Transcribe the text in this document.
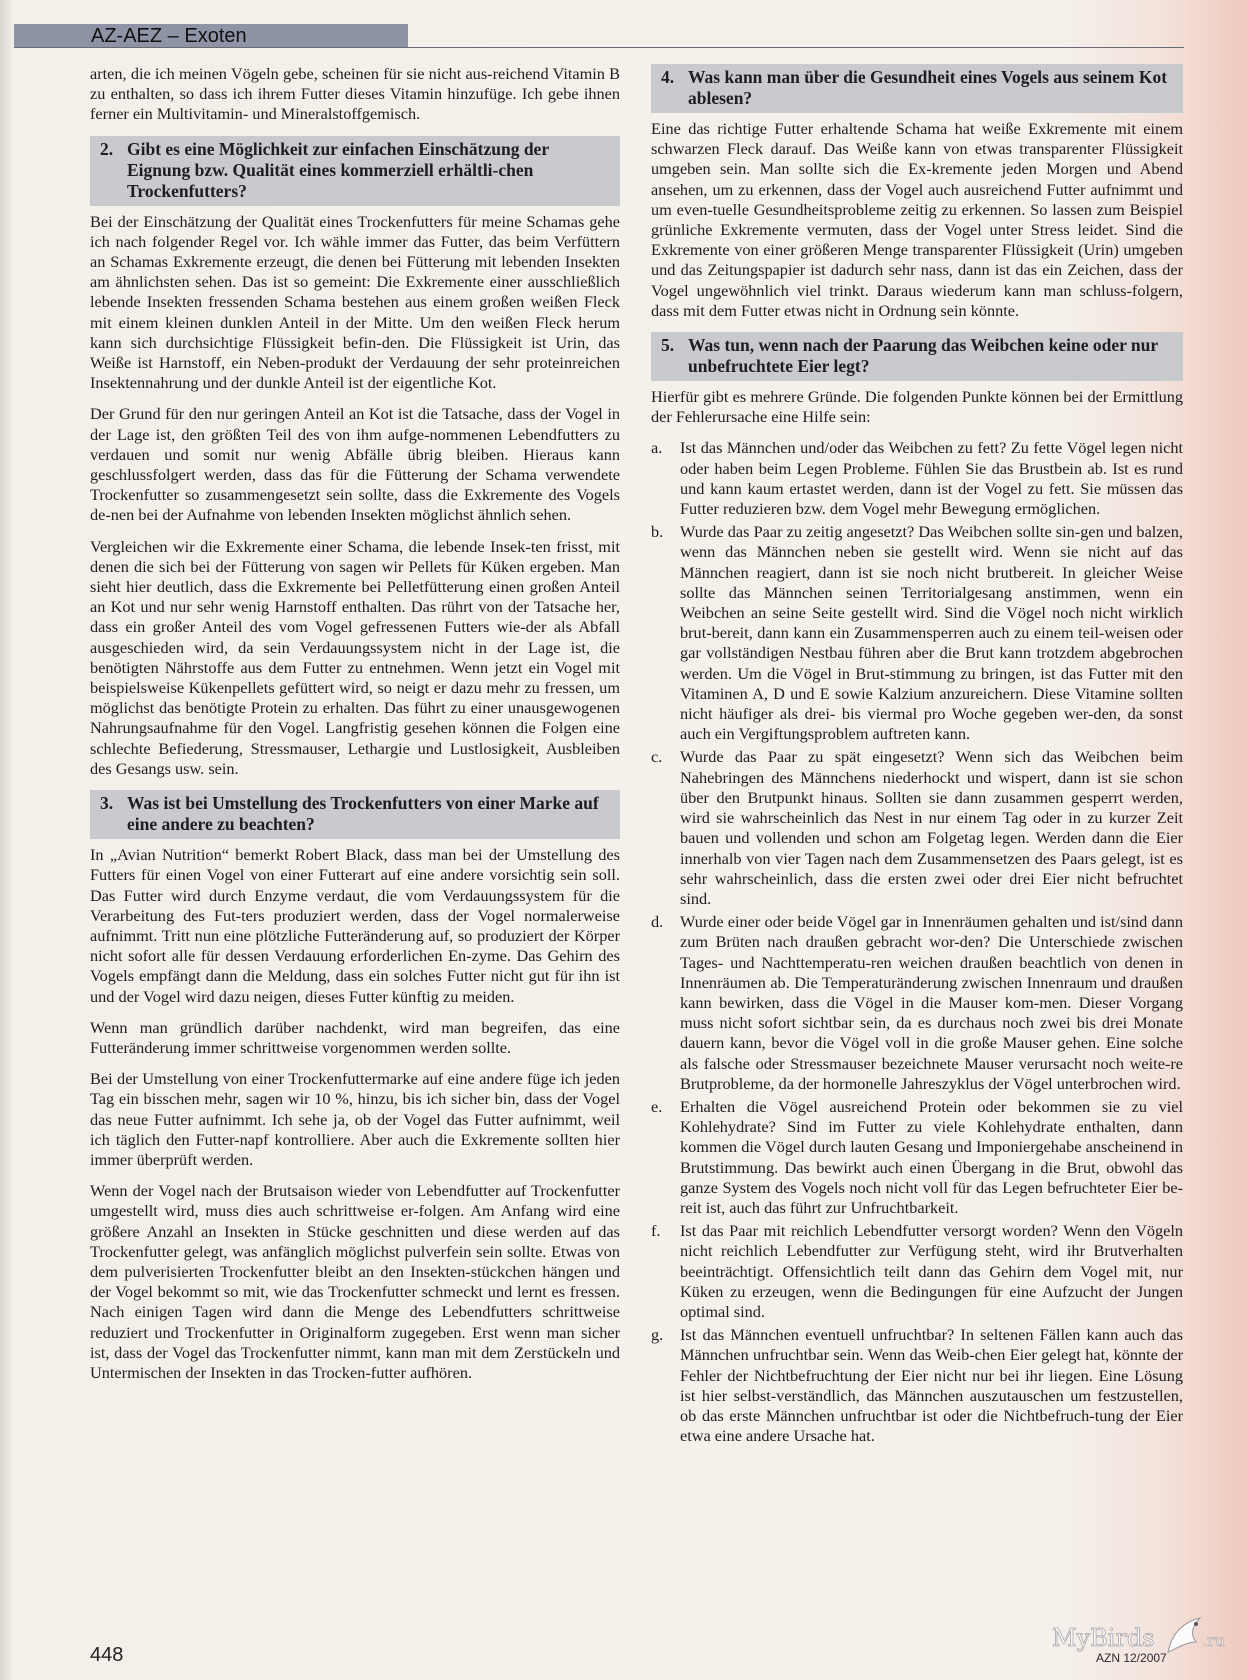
AZ-AEZ – Exoten

arten, die ich meinen Vögeln gebe, scheinen für sie nicht aus-reichend Vitamin B zu enthalten, so dass ich ihrem Futter dieses Vitamin hinzufüge. Ich gebe ihnen ferner ein Multivitamin- und Mineralstoffgemisch.

2. Gibt es eine Möglichkeit zur einfachen Einschätzung der Eignung bzw. Qualität eines kommerziell erhältli-chen Trockenfutters?

Bei der Einschätzung der Qualität eines Trockenfutters für meine Schamas gehe ich nach folgender Regel vor. Ich wähle immer das Futter, das beim Verfüttern an Schamas Exkremente erzeugt, die denen bei Fütterung mit lebenden Insekten am ähnlichsten sehen. Das ist so gemeint: Die Exkremente einer ausschließlich lebende Insekten fressenden Schama bestehen aus einem großen weißen Fleck mit einem kleinen dunklen Anteil in der Mitte. Um den weißen Fleck herum kann sich durchsichtige Flüssigkeit befin-den. Die Flüssigkeit ist Urin, das Weiße ist Harnstoff, ein Neben-produkt der Verdauung der sehr proteinreichen Insektennahrung und der dunkle Anteil ist der eigentliche Kot.

Der Grund für den nur geringen Anteil an Kot ist die Tatsache, dass der Vogel in der Lage ist, den größten Teil des von ihm aufge-nommenen Lebendfutters zu verdauen und somit nur wenig Abfälle übrig bleiben. Hieraus kann geschlussfolgert werden, dass das für die Fütterung der Schama verwendete Trockenfutter so zusammengesetzt sein sollte, dass die Exkremente des Vogels de-nen bei der Aufnahme von lebenden Insekten möglichst ähnlich sehen.

Vergleichen wir die Exkremente einer Schama, die lebende Insek-ten frisst, mit denen die sich bei der Fütterung von sagen wir Pellets für Küken ergeben. Man sieht hier deutlich, dass die Exkremente bei Pelletfütterung einen großen Anteil an Kot und nur sehr wenig Harnstoff enthalten. Das rührt von der Tatsache her, dass ein großer Anteil des vom Vogel gefressenen Futters wie-der als Abfall ausgeschieden wird, da sein Verdauungssystem nicht in der Lage ist, die benötigten Nährstoffe aus dem Futter zu entnehmen. Wenn jetzt ein Vogel mit beispielsweise Kükenpellets gefüttert wird, so neigt er dazu mehr zu fressen, um möglichst das benötigte Protein zu erhalten. Das führt zu einer unausgewogenen Nahrungsaufnahme für den Vogel. Langfristig gesehen können die Folgen eine schlechte Befiederung, Stressmauser, Lethargie und Lustlosigkeit, Ausbleiben des Gesangs usw. sein.

3. Was ist bei Umstellung des Trockenfutters von einer Marke auf eine andere zu beachten?

In „Avian Nutrition“ bemerkt Robert Black, dass man bei der Umstellung des Futters für einen Vogel von einer Futterart auf eine andere vorsichtig sein soll. Das Futter wird durch Enzyme verdaut, die vom Verdauungssystem für die Verarbeitung des Fut-ters produziert werden, dass der Vogel normalerweise aufnimmt. Tritt nun eine plötzliche Futteränderung auf, so produziert der Körper nicht sofort alle für dessen Verdauung erforderlichen En-zyme. Das Gehirn des Vogels empfängt dann die Meldung, dass ein solches Futter nicht gut für ihn ist und der Vogel wird dazu neigen, dieses Futter künftig zu meiden.

Wenn man gründlich darüber nachdenkt, wird man begreifen, das eine Futteränderung immer schrittweise vorgenommen werden sollte.

Bei der Umstellung von einer Trockenfuttermarke auf eine andere füge ich jeden Tag ein bisschen mehr, sagen wir 10 %, hinzu, bis ich sicher bin, dass der Vogel das neue Futter aufnimmt. Ich sehe ja, ob der Vogel das Futter aufnimmt, weil ich täglich den Futter-napf kontrolliere. Aber auch die Exkremente sollten hier immer überprüft werden.

Wenn der Vogel nach der Brutsaison wieder von Lebendfutter auf Trockenfutter umgestellt wird, muss dies auch schrittweise er-folgen. Am Anfang wird eine größere Anzahl an Insekten in Stücke geschnitten und diese werden auf das Trockenfutter gelegt, was anfänglich möglichst pulverfein sein sollte. Etwas von dem pulverisierten Trockenfutter bleibt an den Insekten-stückchen hängen und der Vogel bekommt so mit, wie das Trockenfutter schmeckt und lernt es fressen. Nach einigen Tagen wird dann die Menge des Lebendfutters schrittweise reduziert und Trockenfutter in Originalform zugegeben. Erst wenn man sicher ist, dass der Vogel das Trockenfutter nimmt, kann man mit dem Zerstückeln und Untermischen der Insekten in das Trocken-futter aufhören.

4. Was kann man über die Gesundheit eines Vogels aus seinem Kot ablesen?

Eine das richtige Futter erhaltende Schama hat weiße Exkremente mit einem schwarzen Fleck darauf. Das Weiße kann von etwas transparenter Flüssigkeit umgeben sein. Man sollte sich die Ex-kremente jeden Morgen und Abend ansehen, um zu erkennen, dass der Vogel auch ausreichend Futter aufnimmt und um even-tuelle Gesundheitsprobleme zeitig zu erkennen. So lassen zum Beispiel grünliche Exkremente vermuten, dass der Vogel unter Stress leidet. Sind die Exkremente von einer größeren Menge transparenter Flüssigkeit (Urin) umgeben und das Zeitungspapier ist dadurch sehr nass, dann ist das ein Zeichen, dass der Vogel ungewöhnlich viel trinkt. Daraus wiederum kann man schluss-folgern, dass mit dem Futter etwas nicht in Ordnung sein könnte.

5. Was tun, wenn nach der Paarung das Weibchen keine oder nur unbefruchtete Eier legt?

Hierfür gibt es mehrere Gründe. Die folgenden Punkte können bei der Ermittlung der Fehlerursache eine Hilfe sein:

a.	Ist das Männchen und/oder das Weibchen zu fett? Zu fette Vögel legen nicht oder haben beim Legen Probleme. Fühlen Sie das Brustbein ab. Ist es rund und kann kaum ertastet werden, dann ist der Vogel zu fett. Sie müssen das Futter reduzieren bzw. dem Vogel mehr Bewegung ermöglichen.
b.	Wurde das Paar zu zeitig angesetzt? Das Weibchen sollte sin-gen und balzen, wenn das Männchen neben sie gestellt wird. Wenn sie nicht auf das Männchen reagiert, dann ist sie noch nicht brutbereit. In gleicher Weise sollte das Männchen seinen Territorialgesang anstimmen, wenn ein Weibchen an seine Seite gestellt wird. Sind die Vögel noch nicht wirklich brut-bereit, dann kann ein Zusammensperren auch zu einem teil-weisen oder gar vollständigen Nestbau führen aber die Brut kann trotzdem abgebrochen werden. Um die Vögel in Brut-stimmung zu bringen, ist das Futter mit den Vitaminen A, D und E sowie Kalzium anzureichern. Diese Vitamine sollten nicht häufiger als drei- bis viermal pro Woche gegeben wer-den, da sonst auch ein Vergiftungsproblem auftreten kann.
c.	Wurde das Paar zu spät eingesetzt? Wenn sich das Weibchen beim Nahebringen des Männchens niederhockt und wispert, dann ist sie schon über den Brutpunkt hinaus. Sollten sie dann zusammen gesperrt werden, wird sie wahrscheinlich das Nest in nur einem Tag oder in zu kurzer Zeit bauen und vollenden und schon am Folgetag legen. Werden dann die Eier innerhalb von vier Tagen nach dem Zusammensetzen des Paars gelegt, ist es sehr wahrscheinlich, dass die ersten zwei oder drei Eier nicht befruchtet sind.
d.	Wurde einer oder beide Vögel gar in Innenräumen gehalten und ist/sind dann zum Brüten nach draußen gebracht wor-den? Die Unterschiede zwischen Tages- und Nachttemperatu-ren weichen draußen beachtlich von denen in Innenräumen ab. Die Temperaturänderung zwischen Innenraum und draußen kann bewirken, dass die Vögel in die Mauser kom-men. Dieser Vorgang muss nicht sofort sichtbar sein, da es durchaus noch zwei bis drei Monate dauern kann, bevor die Vögel voll in die große Mauser gehen. Eine solche als falsche oder Stressmauser bezeichnete Mauser verursacht noch weite-re Brutprobleme, da der hormonelle Jahreszyklus der Vögel unterbrochen wird.
e.	Erhalten die Vögel ausreichend Protein oder bekommen sie zu viel Kohlehydrate? Sind im Futter zu viele Kohlehydrate enthalten, dann kommen die Vögel durch lauten Gesang und Imponiergehabe anscheinend in Brutstimmung. Das bewirkt auch einen Übergang in die Brut, obwohl das ganze System des Vogels noch nicht voll für das Legen befruchteter Eier be-reit ist, auch das führt zur Unfruchtbarkeit.
f.	Ist das Paar mit reichlich Lebendfutter versorgt worden? Wenn den Vögeln nicht reichlich Lebendfutter zur Verfügung steht, wird ihr Brutverhalten beeinträchtigt. Offensichtlich teilt dann das Gehirn dem Vogel mit, nur Küken zu erzeugen, wenn die Bedingungen für eine Aufzucht der Jungen optimal sind.
g.	Ist das Männchen eventuell unfruchtbar? In seltenen Fällen kann auch das Männchen unfruchtbar sein. Wenn das Weib-chen Eier gelegt hat, könnte der Fehler der Nichtbefruchtung der Eier nicht nur bei ihr liegen. Eine Lösung ist hier selbst-verständlich, das Männchen auszutauschen um festzustellen, ob das erste Männchen unfruchtbar ist oder die Nichtbefruch-tung der Eier etwa eine andere Ursache hat.
448	AZN 12/2007
MyBirds	.ru
